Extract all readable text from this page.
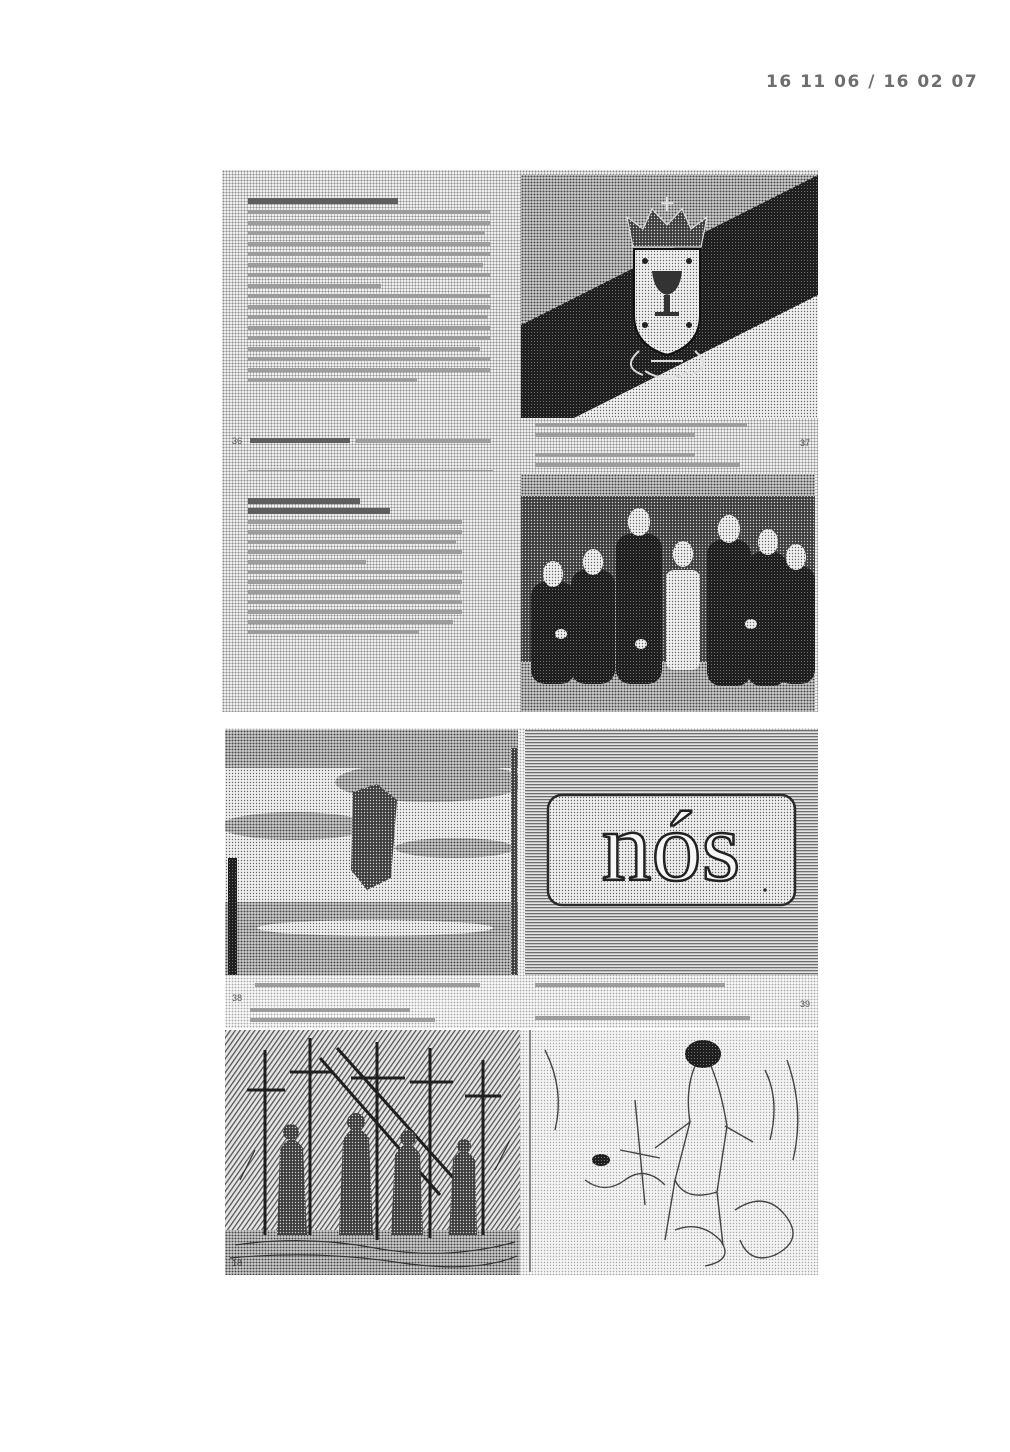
16 11 06 / 16 02 07
36	37
nós
38
39
18
